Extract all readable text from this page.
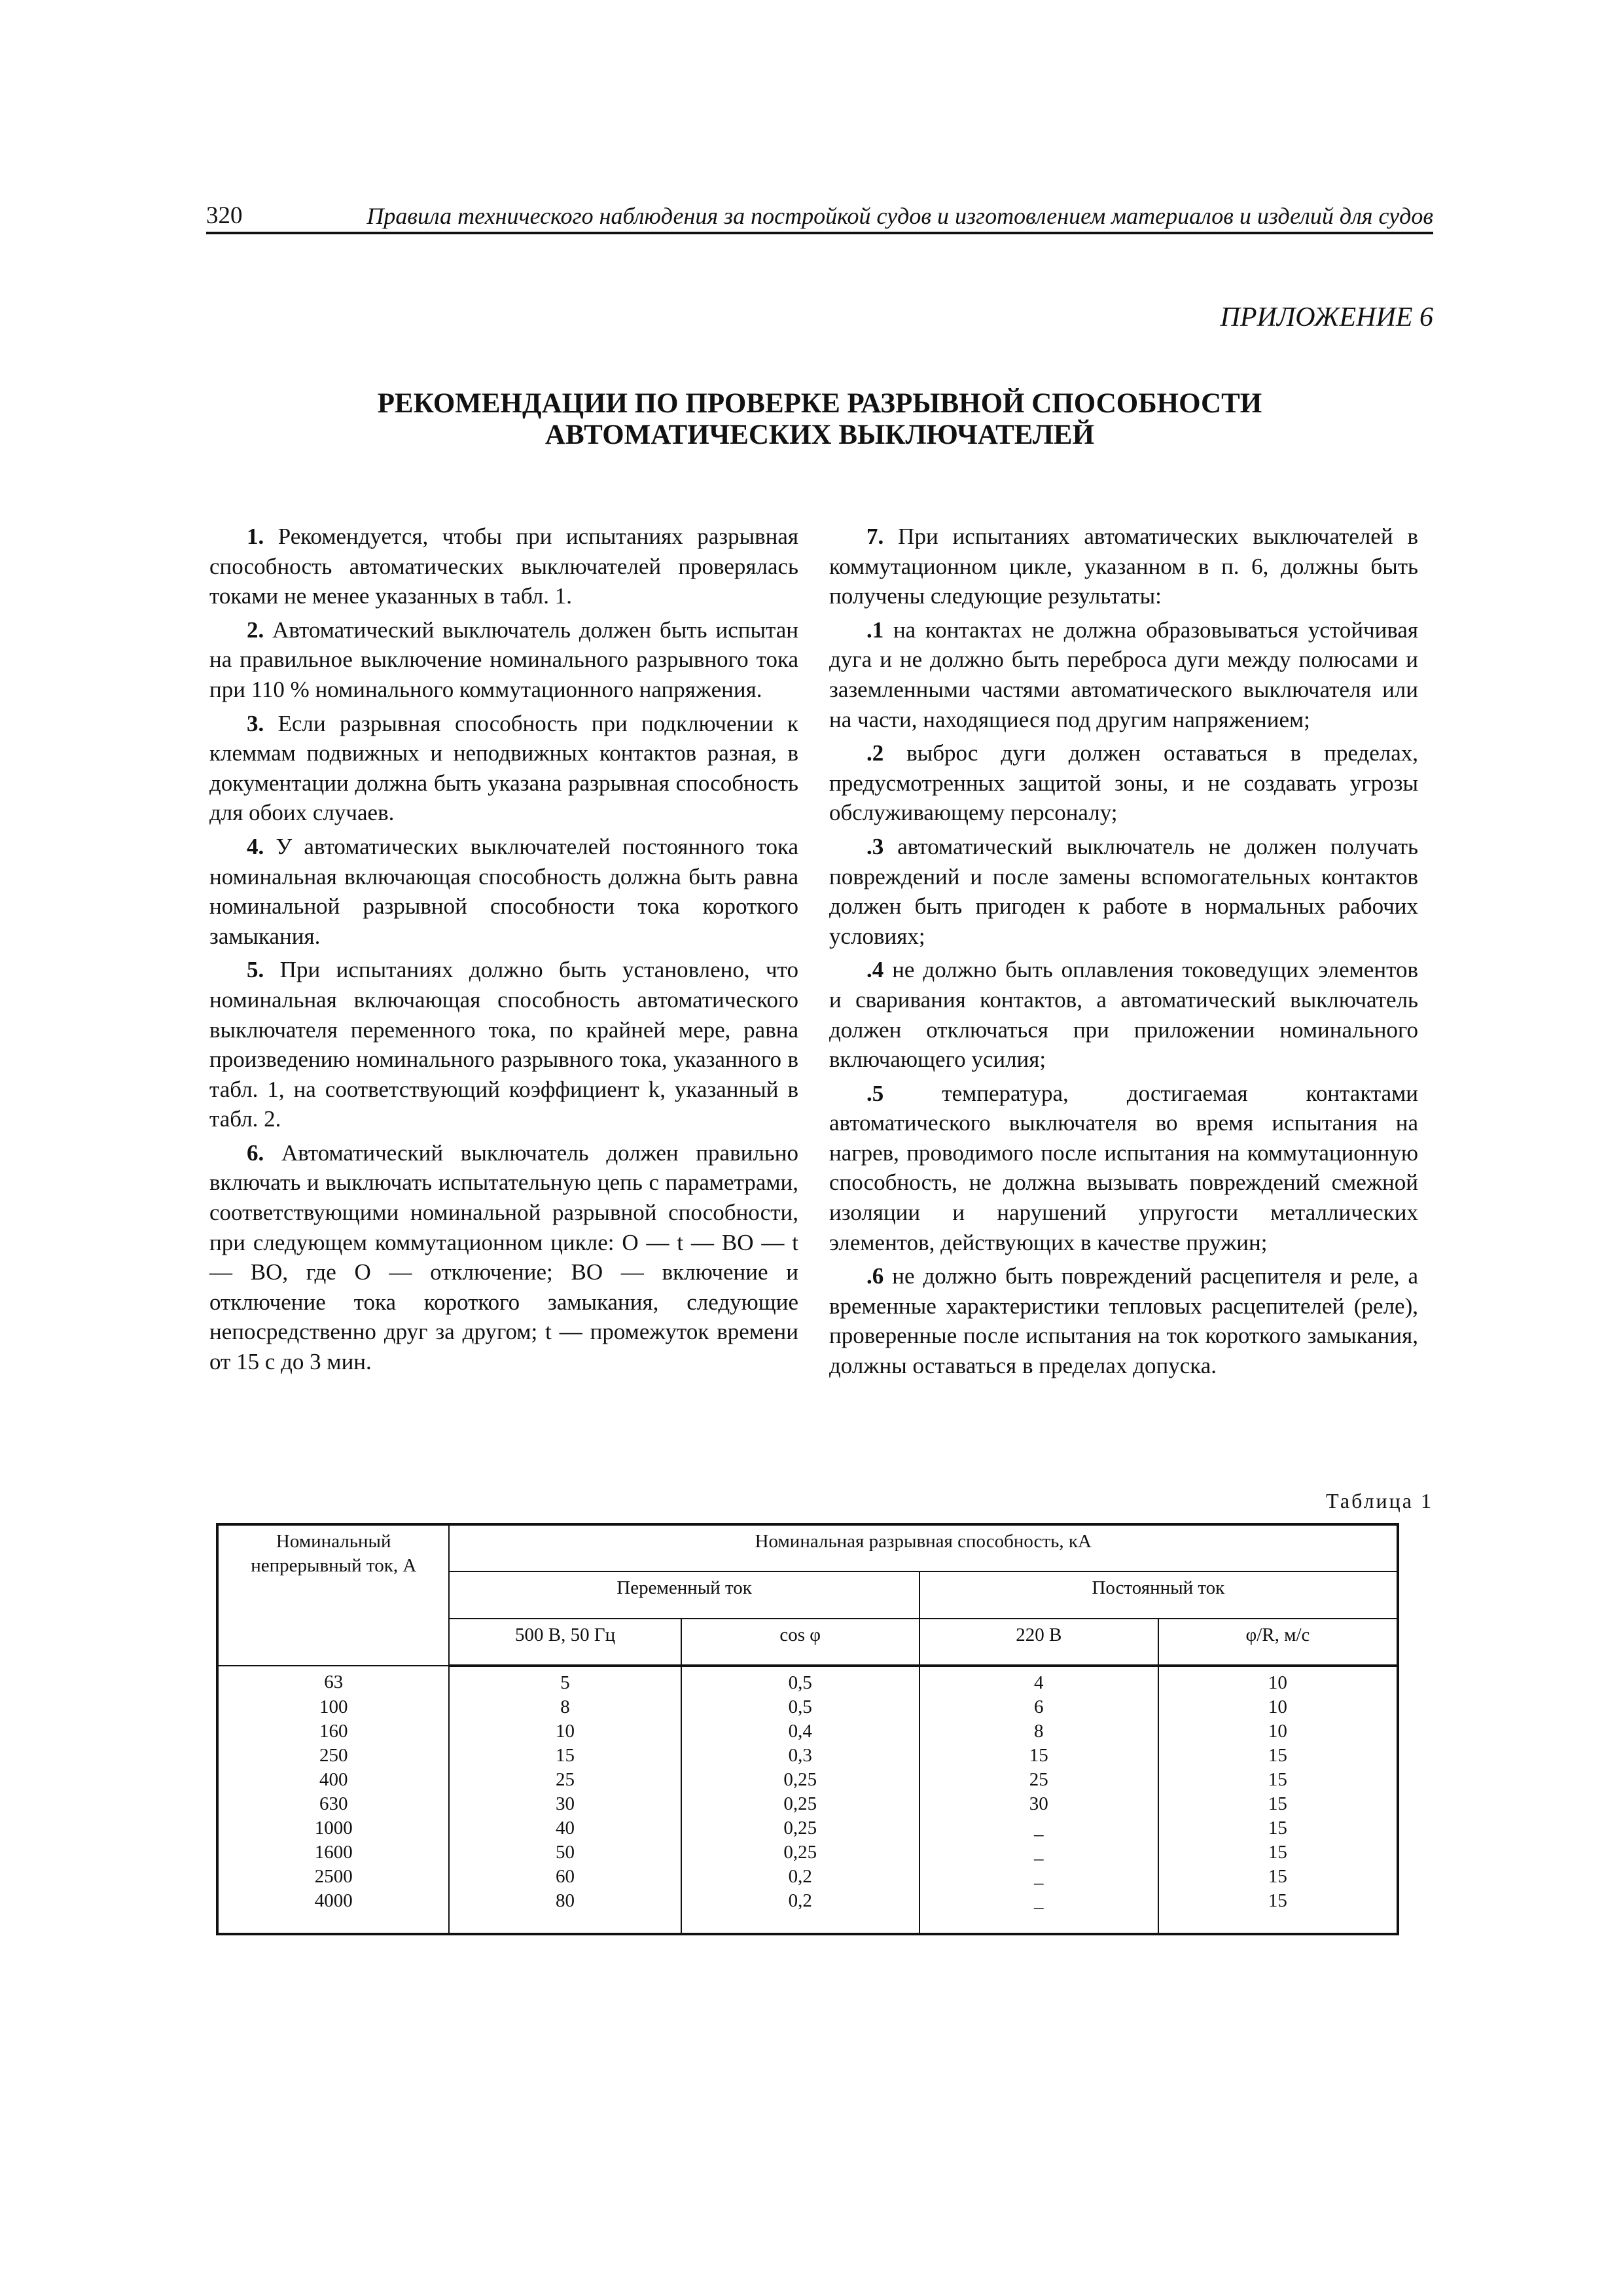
320	Правила технического наблюдения за постройкой судов и изготовлением материалов и изделий для судов
ПРИЛОЖЕНИЕ 6
РЕКОМЕНДАЦИИ ПО ПРОВЕРКЕ РАЗРЫВНОЙ СПОСОБНОСТИ
АВТОМАТИЧЕСКИХ ВЫКЛЮЧАТЕЛЕЙ

1. Рекомендуется, чтобы при испытаниях разрывная способность автоматических выключателей проверялась токами не менее указанных в табл. 1.

2. Автоматический выключатель должен быть испытан на правильное выключение номинального разрывного тока при 110 % номинального коммутационного напряжения.

3. Если разрывная способность при подключении к клеммам подвижных и неподвижных контактов разная, в документации должна быть указана разрывная способность для обоих случаев.

4. У автоматических выключателей постоянного тока номинальная включающая способность должна быть равна номинальной разрывной способности тока короткого замыкания.

5. При испытаниях должно быть установлено, что номинальная включающая способность автоматического выключателя переменного тока, по крайней мере, равна произведению номинального разрывного тока, указанного в табл. 1, на соответствующий коэффициент k, указанный в табл. 2.

6. Автоматический выключатель должен правильно включать и выключать испытательную цепь с параметрами, соответствующими номинальной разрывной способности, при следующем коммутационном цикле: О — t — ВО — t — ВО, где О — отключение; ВО — включение и отключение тока короткого замыкания, следующие непосредственно друг за другом; t — промежуток времени от 15 с до 3 мин.

7. При испытаниях автоматических выключателей в коммутационном цикле, указанном в п. 6, должны быть получены следующие результаты:

.1 на контактах не должна образовываться устойчивая дуга и не должно быть переброса дуги между полюсами и заземленными частями автоматического выключателя или на части, находящиеся под другим напряжением;

.2 выброс дуги должен оставаться в пределах, предусмотренных защитой зоны, и не создавать угрозы обслуживающему персоналу;

.3 автоматический выключатель не должен получать повреждений и после замены вспомогательных контактов должен быть пригоден к работе в нормальных рабочих условиях;

.4 не должно быть оплавления токоведущих элементов и сваривания контактов, а автоматический выключатель должен отключаться при приложении номинального включающего усилия;

.5 температура, достигаемая контактами автоматического выключателя во время испытания на нагрев, проводимого после испытания на коммутационную способность, не должна вызывать повреждений смежной изоляции и нарушений упругости металлических элементов, действующих в качестве пружин;

.6 не должно быть повреждений расцепителя и реле, а временные характеристики тепловых расцепителей (реле), проверенные после испытания на ток короткого замыкания, должны оставаться в пределах допуска.

Таблица 1
Номинальный непрерывный ток, А	Номинальная разрывная способность, кА			
	Переменный ток		Постоянный ток	
	500 В, 50 Гц	cos φ	220 В	φ/R, м/с
63	5	0,5	4	10
100	8	0,5	6	10
160	10	0,4	8	10
250	15	0,3	15	15
400	25	0,25	25	15
630	30	0,25	30	15
1000	40	0,25	_	15
1600	50	0,25	_	15
2500	60	0,2	_	15
4000	80	0,2	_	15
